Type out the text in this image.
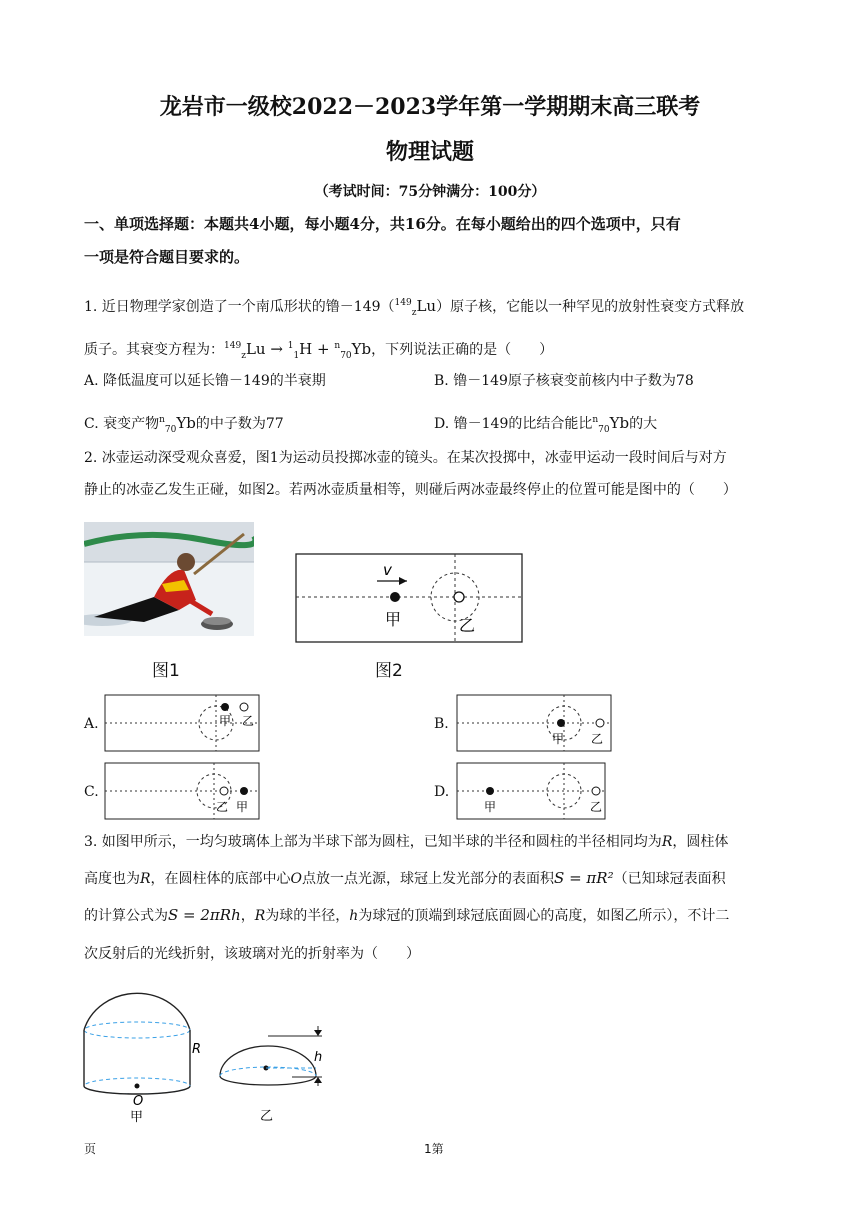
龙岩市一级校2022－2023学年第一学期期末高三联考
物理试题
（考试时间：75分钟满分：100分）
一、单项选择题：本题共4小题，每小题4分，共16分。在每小题给出的四个选项中，只有
一项是符合题目要求的。
1. 近日物理学家创造了一个南瓜形状的镥－149（$^{149}_z$Lu）原子核，它能以一种罕见的放射性衰变方式释放
质子。其衰变方程为：$^{149}_z$Lu → $^1_1$H + $^n_{70}$Yb，下列说法正确的是（　　）
A. 降低温度可以延长镥－149的半衰期	B. 镥－149原子核衰变前核内中子数为78
C. 衰变产物$^n_{70}$Yb的中子数为77	D. 镥－149的比结合能比$^n_{70}$Yb的大
2. 冰壶运动深受观众喜爱，图1为运动员投掷冰壶的镜头。在某次投掷中，冰壶甲运动一段时间后与对方
静止的冰壶乙发生正碰，如图2。若两冰壶质量相等，则碰后两冰壶最终停止的位置可能是图中的（　　）
图1
v
甲	乙
图2
A.	甲 乙	B.
甲 乙
C.
乙 甲
D.
甲	乙
3. 如图甲所示，一均匀玻璃体上部为半球下部为圆柱，已知半球的半径和圆柱的半径相同均为R，圆柱体
高度也为R，在圆柱体的底部中心O点放一点光源，球冠上发光部分的表面积S = πR²（已知球冠表面积
的计算公式为S = 2πRh，R为球的半径，h为球冠的顶端到球冠底面圆心的高度，如图乙所示），不计二
次反射后的光线折射，该玻璃对光的折射率为（　　）
R
O
甲
h
乙
页	1第
